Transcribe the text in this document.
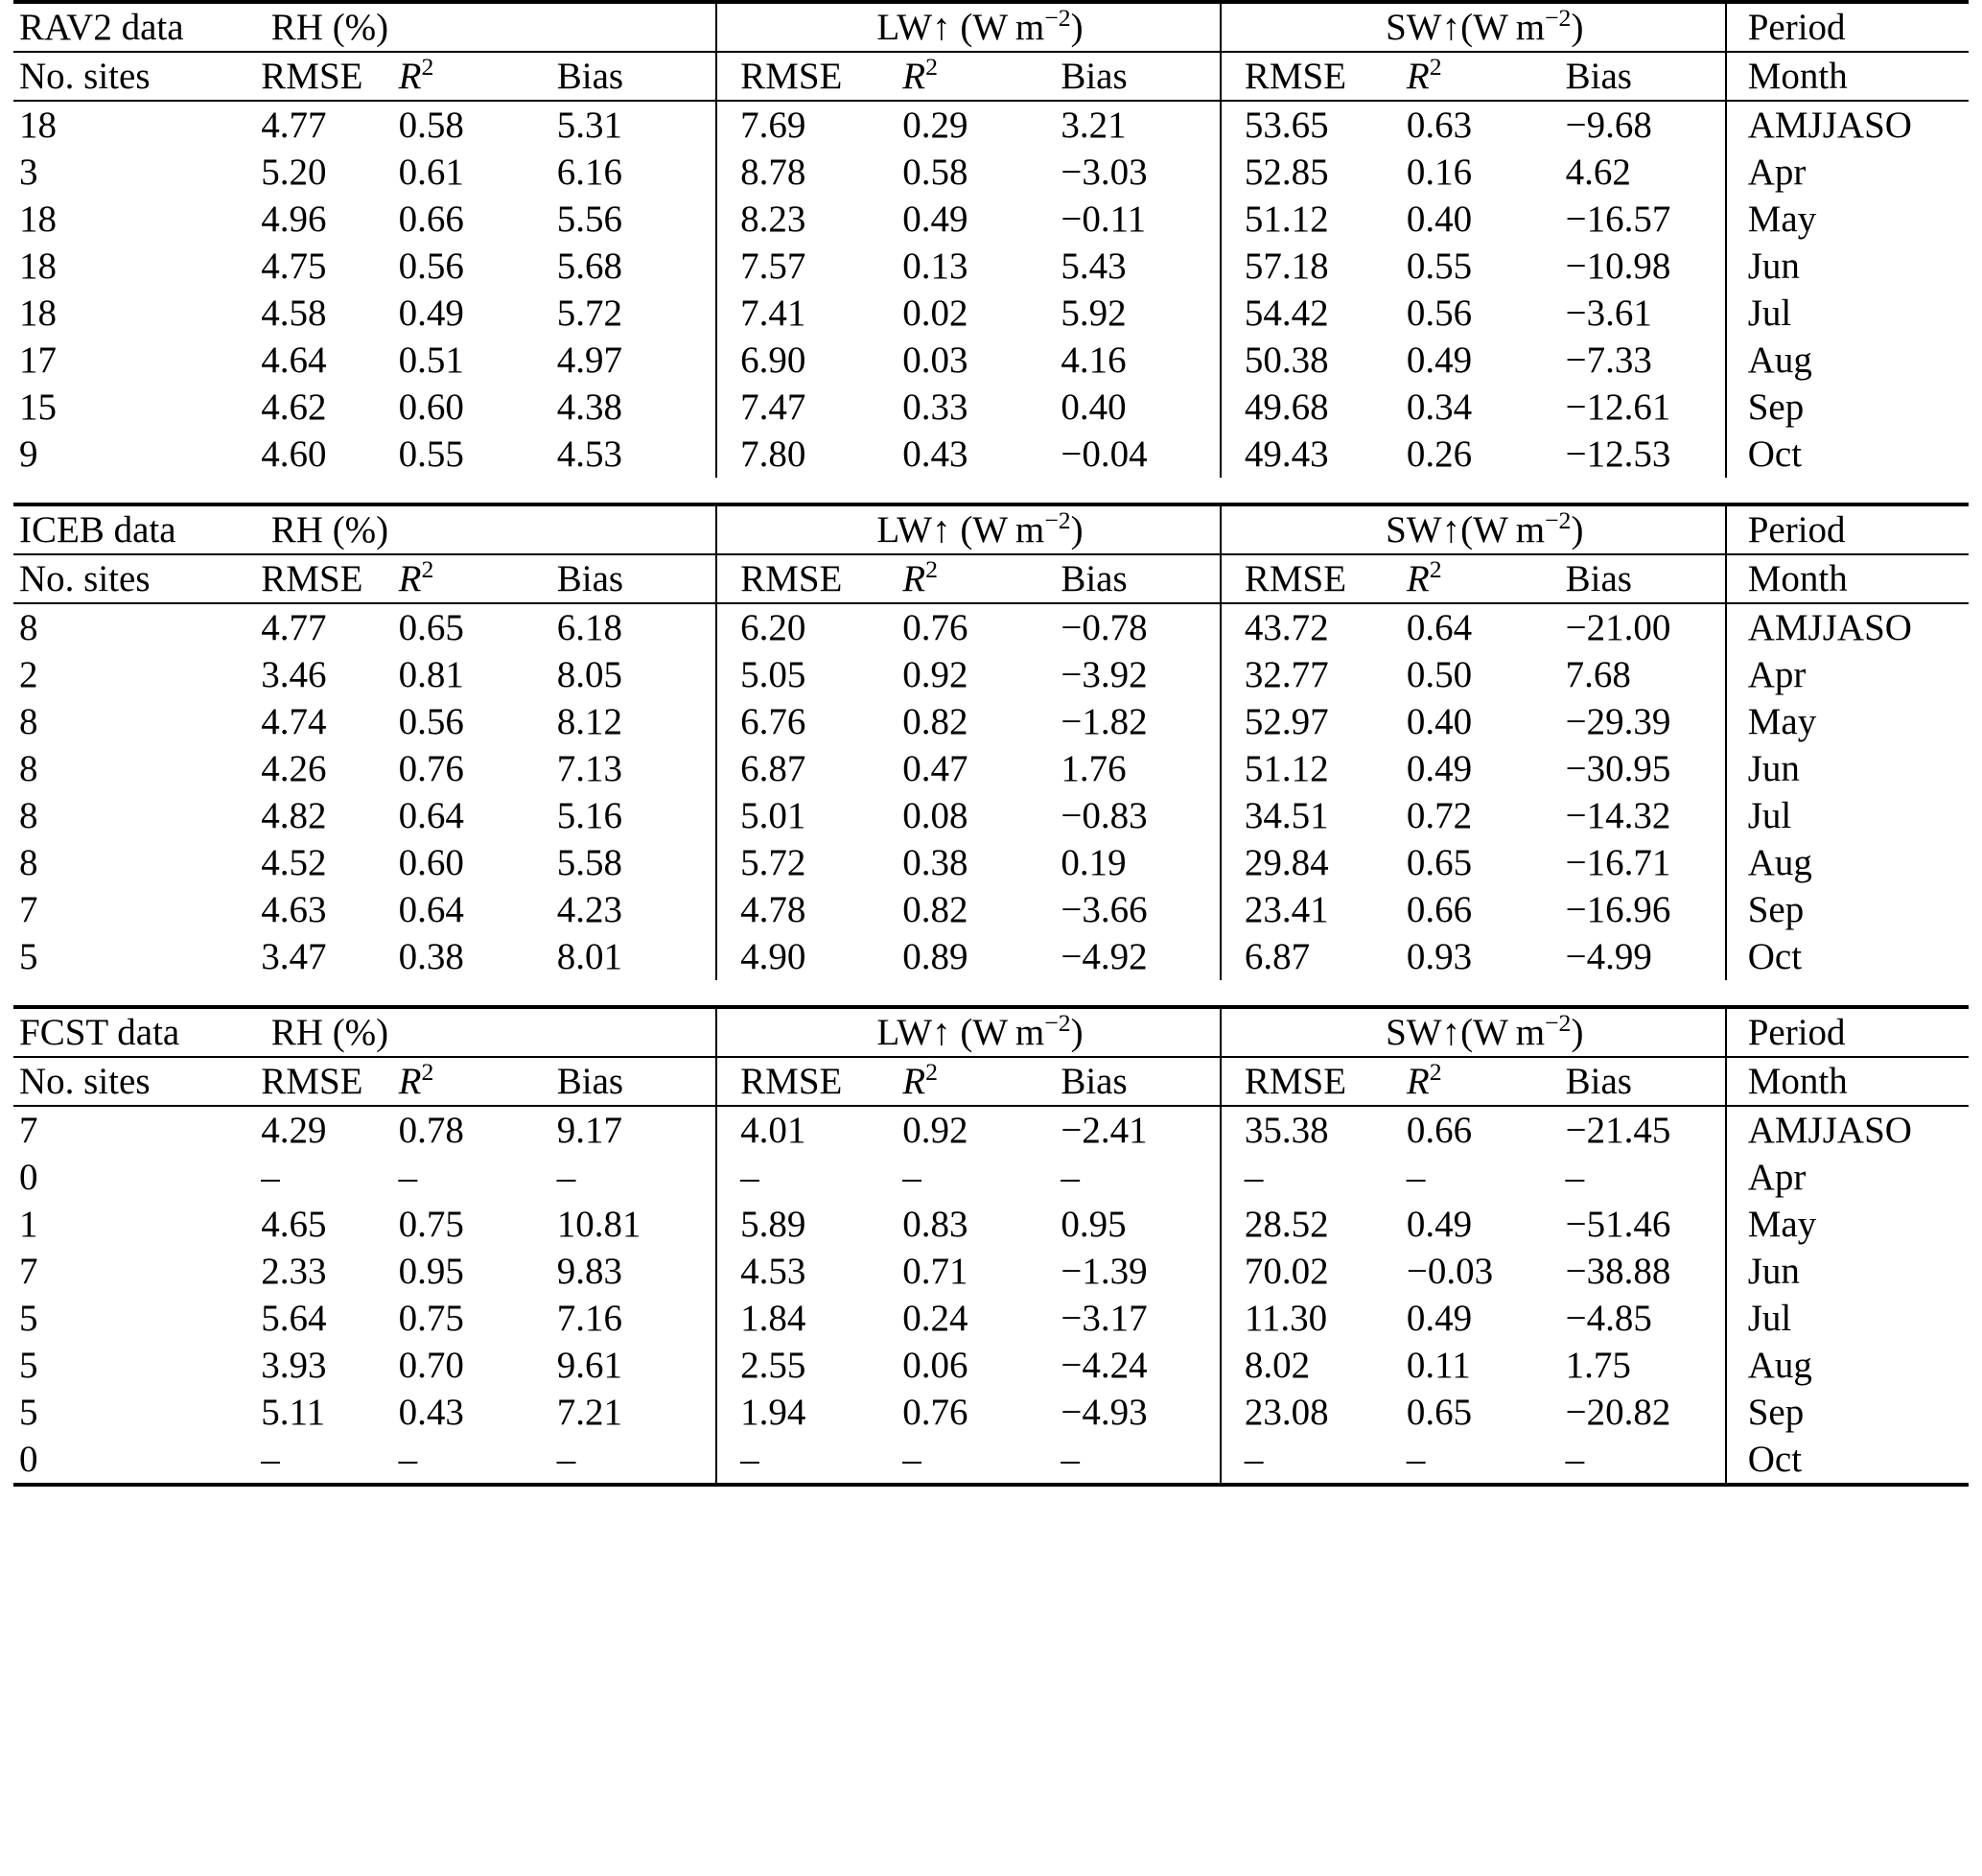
RAV2 data	RH (%)			LW↑ (W $m^{-2}$)			SW↑(W $m^{-2}$)			Period
No. sites	RMSE	$R^2$	Bias	RMSE	$R^2$	Bias	RMSE	$R^2$	Bias	Month
18	4.77	0.58	5.31	7.69	0.29	3.21	53.65	0.63	−9.68	AMJJASO
3	5.20	0.61	6.16	8.78	0.58	−3.03	52.85	0.16	4.62	Apr
18	4.96	0.66	5.56	8.23	0.49	−0.11	51.12	0.40	−16.57	May
18	4.75	0.56	5.68	7.57	0.13	5.43	57.18	0.55	−10.98	Jun
18	4.58	0.49	5.72	7.41	0.02	5.92	54.42	0.56	−3.61	Jul
17	4.64	0.51	4.97	6.90	0.03	4.16	50.38	0.49	−7.33	Aug
15	4.62	0.60	4.38	7.47	0.33	0.40	49.68	0.34	−12.61	Sep
9	4.60	0.55	4.53	7.80	0.43	−0.04	49.43	0.26	−12.53	Oct

ICEB data	RH (%)			LW↑ (W $m^{-2}$)			SW↑(W $m^{-2}$)			Period
No. sites	RMSE	$R^2$	Bias	RMSE	$R^2$	Bias	RMSE	$R^2$	Bias	Month
8	4.77	0.65	6.18	6.20	0.76	−0.78	43.72	0.64	−21.00	AMJJASO
2	3.46	0.81	8.05	5.05	0.92	−3.92	32.77	0.50	7.68	Apr
8	4.74	0.56	8.12	6.76	0.82	−1.82	52.97	0.40	−29.39	May
8	4.26	0.76	7.13	6.87	0.47	1.76	51.12	0.49	−30.95	Jun
8	4.82	0.64	5.16	5.01	0.08	−0.83	34.51	0.72	−14.32	Jul
8	4.52	0.60	5.58	5.72	0.38	0.19	29.84	0.65	−16.71	Aug
7	4.63	0.64	4.23	4.78	0.82	−3.66	23.41	0.66	−16.96	Sep
5	3.47	0.38	8.01	4.90	0.89	−4.92	6.87	0.93	−4.99	Oct

FCST data	RH (%)			LW↑ (W $m^{-2}$)			SW↑(W $m^{-2}$)			Period
No. sites	RMSE	$R^2$	Bias	RMSE	$R^2$	Bias	RMSE	$R^2$	Bias	Month
7	4.29	0.78	9.17	4.01	0.92	−2.41	35.38	0.66	−21.45	AMJJASO
0	–	–	–	–	–	–	–	–	–	Apr
1	4.65	0.75	10.81	5.89	0.83	0.95	28.52	0.49	−51.46	May
7	2.33	0.95	9.83	4.53	0.71	−1.39	70.02	−0.03	−38.88	Jun
5	5.64	0.75	7.16	1.84	0.24	−3.17	11.30	0.49	−4.85	Jul
5	3.93	0.70	9.61	2.55	0.06	−4.24	8.02	0.11	1.75	Aug
5	5.11	0.43	7.21	1.94	0.76	−4.93	23.08	0.65	−20.82	Sep
0	–	–	–	–	–	–	–	–	–	Oct
